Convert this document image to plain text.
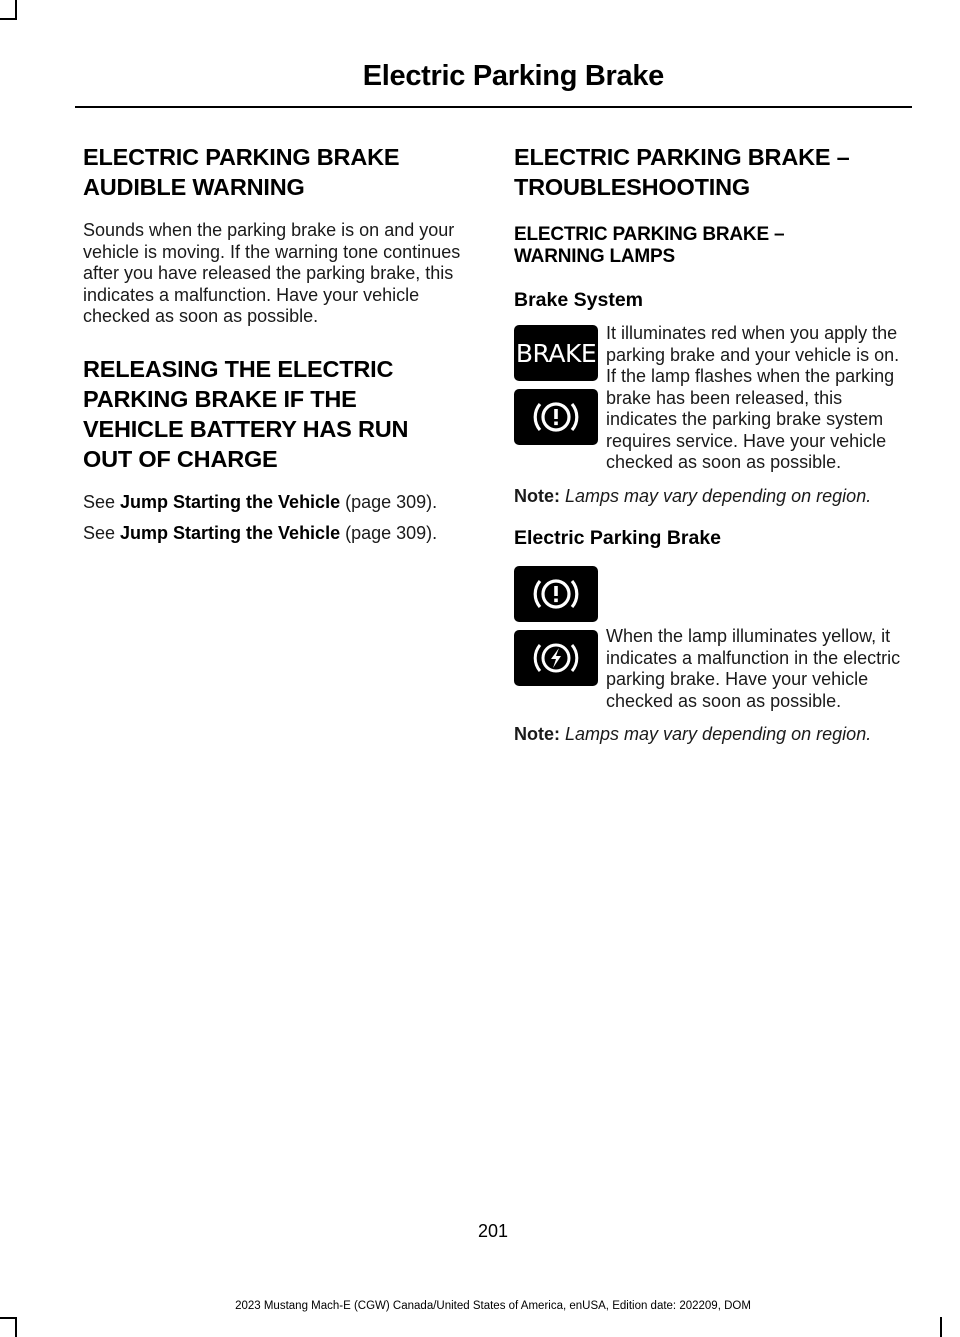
Electric Parking Brake
ELECTRIC PARKING BRAKE
AUDIBLE WARNING

Sounds when the parking brake is on and your vehicle is moving. If the warning tone continues after you have released the parking brake, this indicates a malfunction. Have your vehicle checked as soon as possible.

RELEASING THE ELECTRIC
PARKING BRAKE IF THE
VEHICLE BATTERY HAS RUN
OUT OF CHARGE

See Jump Starting the Vehicle (page 309).

See Jump Starting the Vehicle (page 309).

ELECTRIC PARKING BRAKE –
TROUBLESHOOTING
ELECTRIC PARKING BRAKE – WARNING LAMPS
Brake System
BRAKE

It illuminates red when you apply the parking brake and your vehicle is on. If the lamp flashes when the parking brake has been released, this indicates the parking brake system requires service. Have your vehicle checked as soon as possible.

Note: Lamps may vary depending on region.

Electric Parking Brake

When the lamp illuminates yellow, it indicates a malfunction in the electric parking brake. Have your vehicle checked as soon as possible.

Note: Lamps may vary depending on region.

201
2023 Mustang Mach-E (CGW) Canada/United States of America, enUSA, Edition date: 202209, DOM
